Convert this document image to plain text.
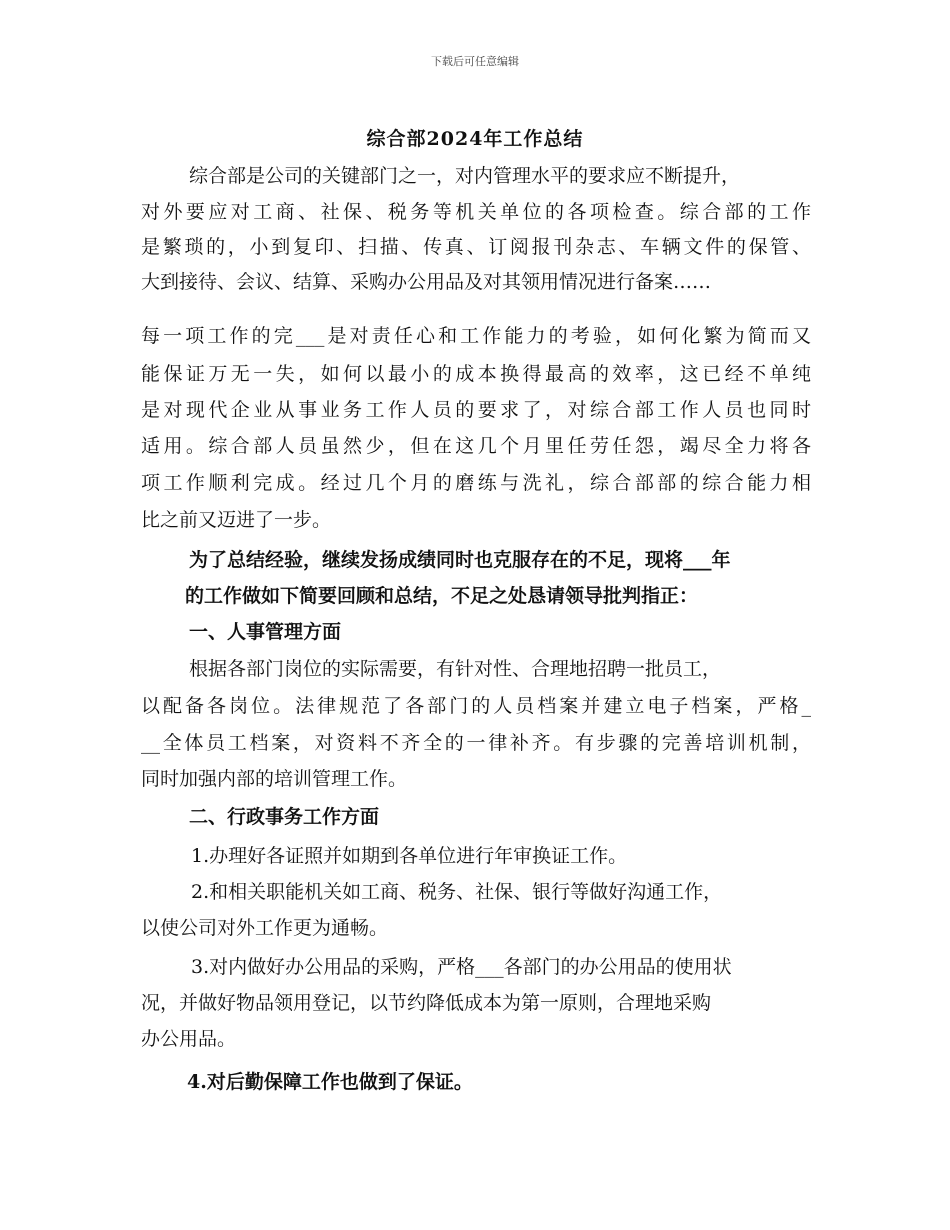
下载后可任意编辑
综合部2024年工作总结
综合部是公司的关键部门之一，对内管理水平的要求应不断提升，
对外要应对工商、社保、税务等机关单位的各项检查。综合部的工作
是繁琐的，小到复印、扫描、传真、订阅报刊杂志、车辆文件的保管、
大到接待、会议、结算、采购办公用品及对其领用情况进行备案……
每一项工作的完___是对责任心和工作能力的考验，如何化繁为简而又
能保证万无一失，如何以最小的成本换得最高的效率，这已经不单纯
是对现代企业从事业务工作人员的要求了，对综合部工作人员也同时
适用。综合部人员虽然少，但在这几个月里任劳任怨，竭尽全力将各
项工作顺利完成。经过几个月的磨练与洗礼，综合部部的综合能力相
比之前又迈进了一步。
为了总结经验，继续发扬成绩同时也克服存在的不足，现将___年
的工作做如下简要回顾和总结，不足之处恳请领导批判指正：
一、人事管理方面
根据各部门岗位的实际需要，有针对性、合理地招聘一批员工，
以配备各岗位。法律规范了各部门的人员档案并建立电子档案，严格_
__全体员工档案，对资料不齐全的一律补齐。有步骤的完善培训机制，
同时加强内部的培训管理工作。
二、行政事务工作方面
1.办理好各证照并如期到各单位进行年审换证工作。
2.和相关职能机关如工商、税务、社保、银行等做好沟通工作，
以使公司对外工作更为通畅。
3.对内做好办公用品的采购，严格___各部门的办公用品的使用状
况，并做好物品领用登记，以节约降低成本为第一原则，合理地采购
办公用品。
4.对后勤保障工作也做到了保证。
